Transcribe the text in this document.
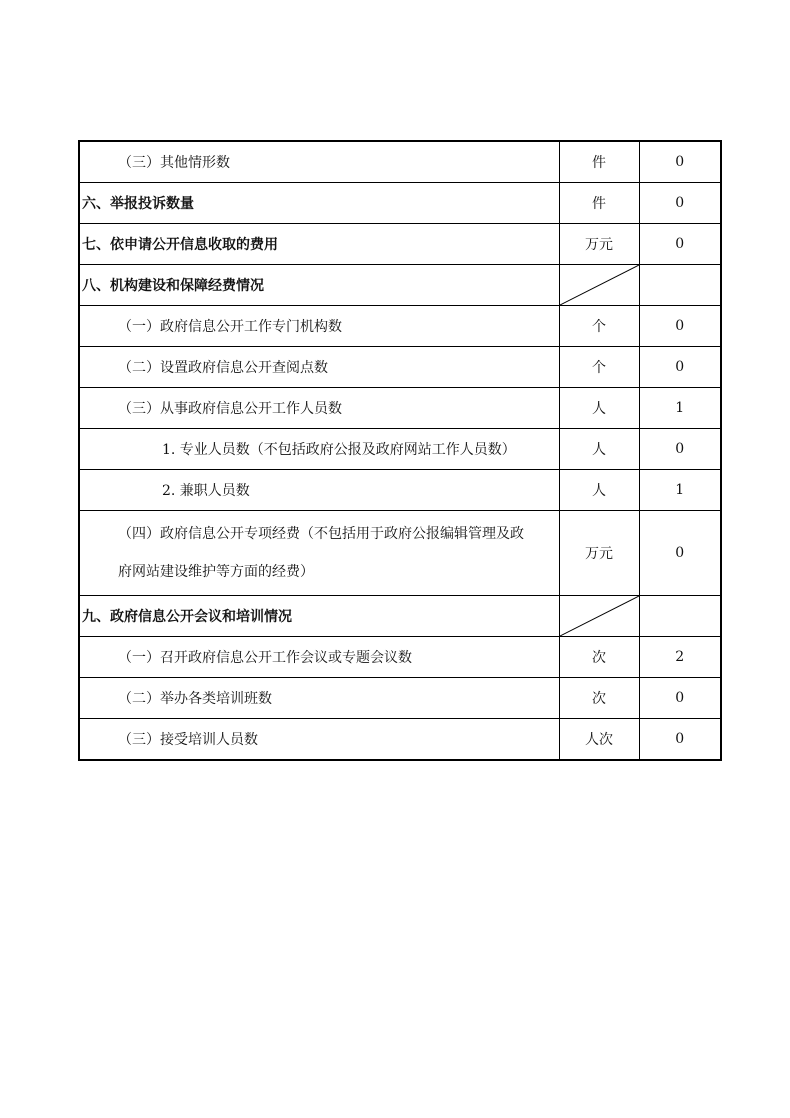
（三）其他情形数	件	0
六、举报投诉数量	件	0
七、依申请公开信息收取的费用	万元	0
八、机构建设和保障经费情况	

（一）政府信息公开工作专门机构数	个	0
（二）设置政府信息公开查阅点数	个	0
（三）从事政府信息公开工作人员数	人	1
1. 专业人员数（不包括政府公报及政府网站工作人员数）	人	0
2. 兼职人员数	人	1
（四）政府信息公开专项经费（不包括用于政府公报编辑管理及政府网站建设维护等方面的经费）	万元	0
九、政府信息公开会议和培训情况	

（一）召开政府信息公开工作会议或专题会议数	次	2
（二）举办各类培训班数	次	0
（三）接受培训人员数	人次	0
